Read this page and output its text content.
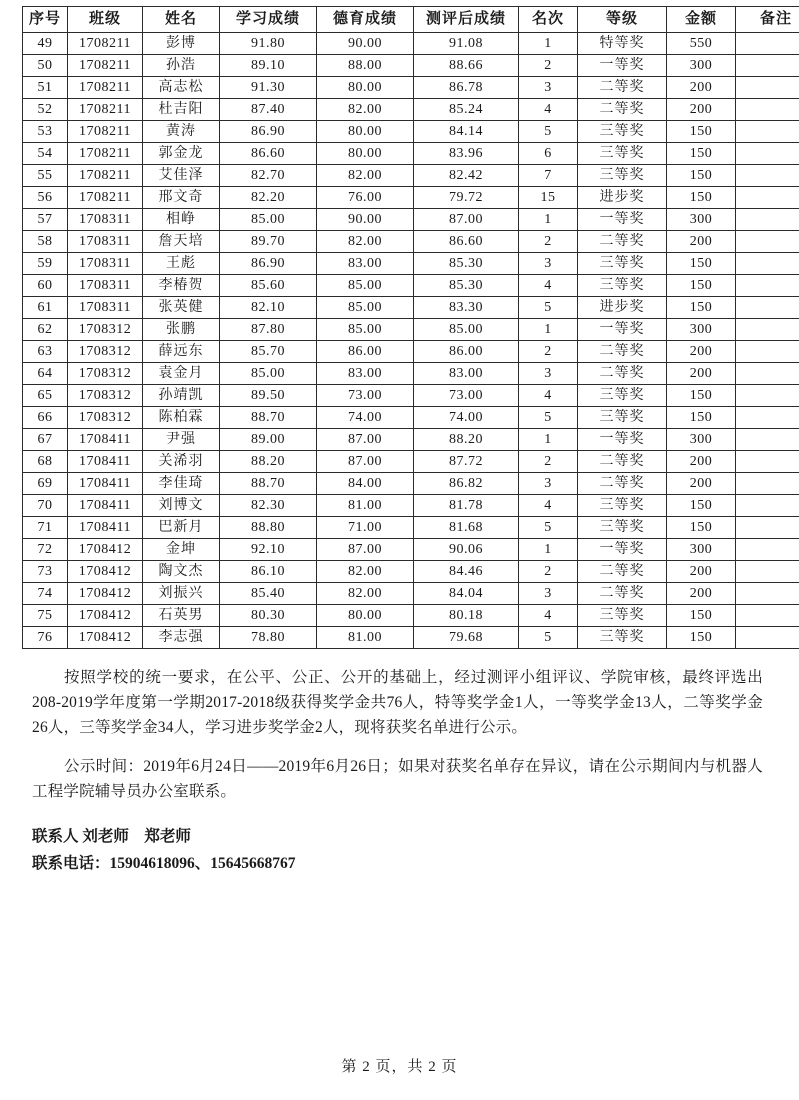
序号	班级	姓名	学习成绩	德育成绩	测评后成绩	名次	等级	金额	备注
49	1708211	彭博	91.80	90.00	91.08	1	特等奖	550	
50	1708211	孙浩	89.10	88.00	88.66	2	一等奖	300	
51	1708211	高志松	91.30	80.00	86.78	3	二等奖	200	
52	1708211	杜吉阳	87.40	82.00	85.24	4	二等奖	200	
53	1708211	黄涛	86.90	80.00	84.14	5	三等奖	150	
54	1708211	郭金龙	86.60	80.00	83.96	6	三等奖	150	
55	1708211	艾佳泽	82.70	82.00	82.42	7	三等奖	150	
56	1708211	邢文奇	82.20	76.00	79.72	15	进步奖	150	
57	1708311	相峥	85.00	90.00	87.00	1	一等奖	300	
58	1708311	詹天培	89.70	82.00	86.60	2	二等奖	200	
59	1708311	王彪	86.90	83.00	85.30	3	三等奖	150	
60	1708311	李椿贺	85.60	85.00	85.30	4	三等奖	150	
61	1708311	张英健	82.10	85.00	83.30	5	进步奖	150	
62	1708312	张鹏	87.80	85.00	85.00	1	一等奖	300	
63	1708312	薛远东	85.70	86.00	86.00	2	二等奖	200	
64	1708312	袁金月	85.00	83.00	83.00	3	二等奖	200	
65	1708312	孙靖凯	89.50	73.00	73.00	4	三等奖	150	
66	1708312	陈柏霖	88.70	74.00	74.00	5	三等奖	150	
67	1708411	尹强	89.00	87.00	88.20	1	一等奖	300	
68	1708411	关浠羽	88.20	87.00	87.72	2	二等奖	200	
69	1708411	李佳琦	88.70	84.00	86.82	3	二等奖	200	
70	1708411	刘博文	82.30	81.00	81.78	4	三等奖	150	
71	1708411	巴新月	88.80	71.00	81.68	5	三等奖	150	
72	1708412	金坤	92.10	87.00	90.06	1	一等奖	300	
73	1708412	陶文杰	86.10	82.00	84.46	2	二等奖	200	
74	1708412	刘振兴	85.40	82.00	84.04	3	二等奖	200	
75	1708412	石英男	80.30	80.00	80.18	4	三等奖	150	
76	1708412	李志强	78.80	81.00	79.68	5	三等奖	150	

按照学校的统一要求，在公平、公正、公开的基础上，经过测评小组评议、学院审核，最终评选出208-2019学年度第一学期2017-2018级获得奖学金共76人，特等奖学金1人，一等奖学金13人，二等奖学金26人，三等奖学金34人，学习进步奖学金2人，现将获奖名单进行公示。

公示时间：2019年6月24日——2019年6月26日；如果对获奖名单存在异议，请在公示期间内与机器人工程学院辅导员办公室联系。

联系人 刘老师　郑老师
联系电话：15904618096、15645668767
第 2 页，共 2 页
